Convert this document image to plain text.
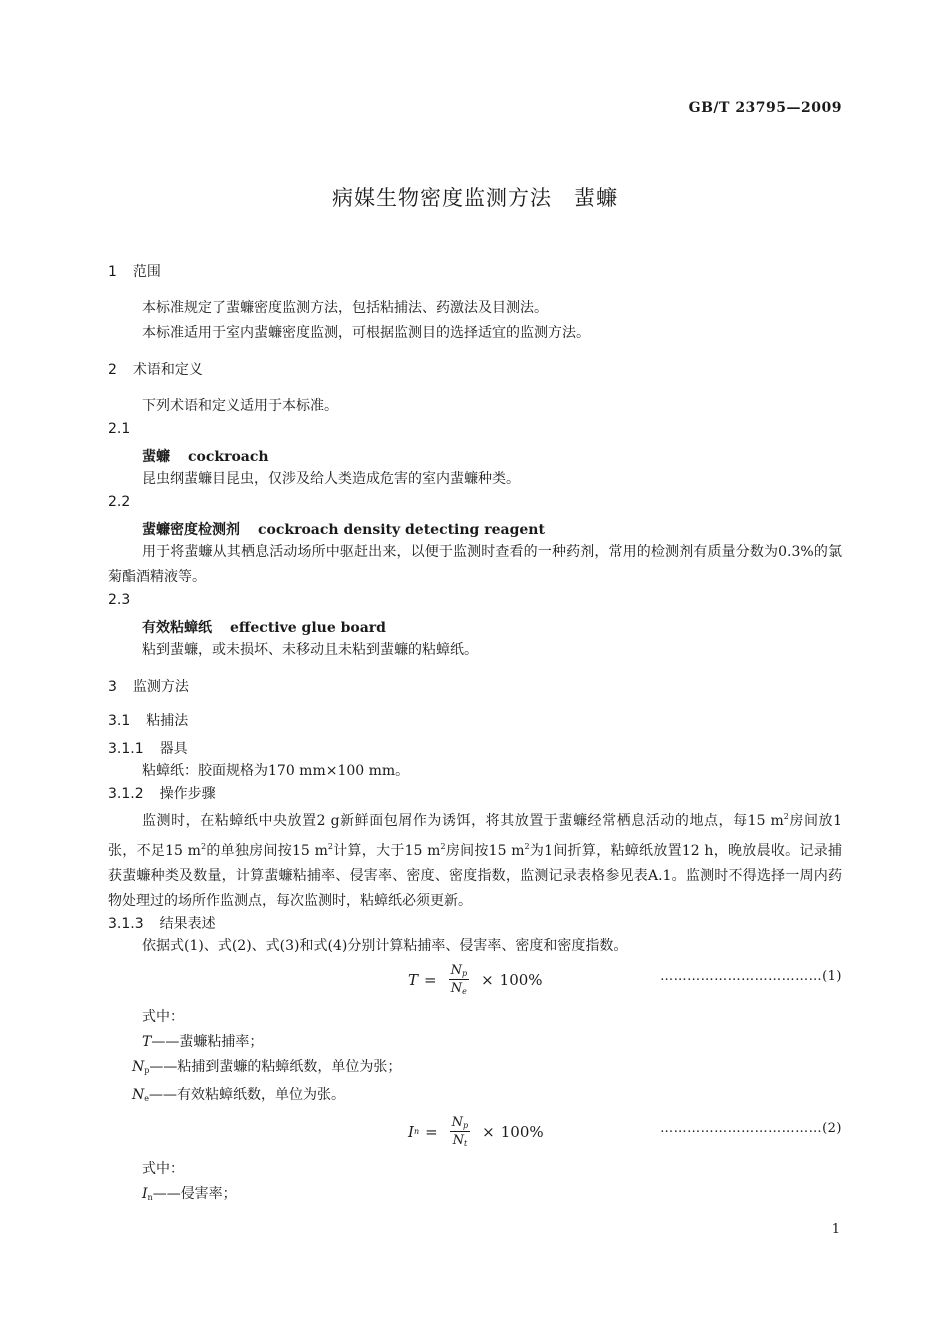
GB/T 23795—2009
病媒生物密度监测方法　蜚蠊
1 范围
本标准规定了蜚蠊密度监测方法，包括粘捕法、药激法及目测法。
本标准适用于室内蜚蠊密度监测，可根据监测目的选择适宜的监测方法。
2 术语和定义
下列术语和定义适用于本标准。
2.1
蜚蠊 cockroach
昆虫纲蜚蠊目昆虫，仅涉及给人类造成危害的室内蜚蠊种类。
2.2
蜚蠊密度检测剂 cockroach density detecting reagent
用于将蜚蠊从其栖息活动场所中驱赶出来，以便于监测时查看的一种药剂，常用的检测剂有质量分数为0.3%的氯菊酯酒精液等。
2.3
有效粘蟑纸 effective glue board
粘到蜚蠊，或未损坏、未移动且未粘到蜚蠊的粘蟑纸。
3 监测方法
3.1 粘捕法
3.1.1 器具
粘蟑纸：胶面规格为170 mm×100 mm。
3.1.2 操作步骤
监测时，在粘蟑纸中央放置2 g新鲜面包屑作为诱饵，将其放置于蜚蠊经常栖息活动的地点，每15 $m^2$房间放1张，不足15 $m^2$的单独房间按15 $m^2$计算，大于15 $m^2$房间按15 $m^2$为1间折算，粘蟑纸放置12 h，晚放晨收。记录捕获蜚蠊种类及数量，计算蜚蠊粘捕率、侵害率、密度、密度指数，监测记录表格参见表A.1。监测时不得选择一周内药物处理过的场所作监测点，每次监测时，粘蟑纸必须更新。
3.1.3 结果表述
依据式(1)、式(2)、式(3)和式(4)分别计算粘捕率、侵害率、密度和密度指数。
$T = \frac{N_p}{N_e} \times 100\%$	………………………………(1)
式中：
T——蜚蠊粘捕率；
$N_p——$粘捕到蜚蠊的粘蟑纸数，单位为张；
$N_e——$有效粘蟑纸数，单位为张。
I $n = \frac{N_p}{N_t} \times 100\%$	………………………………(2)
式中：
$I_n——$侵害率；
1
